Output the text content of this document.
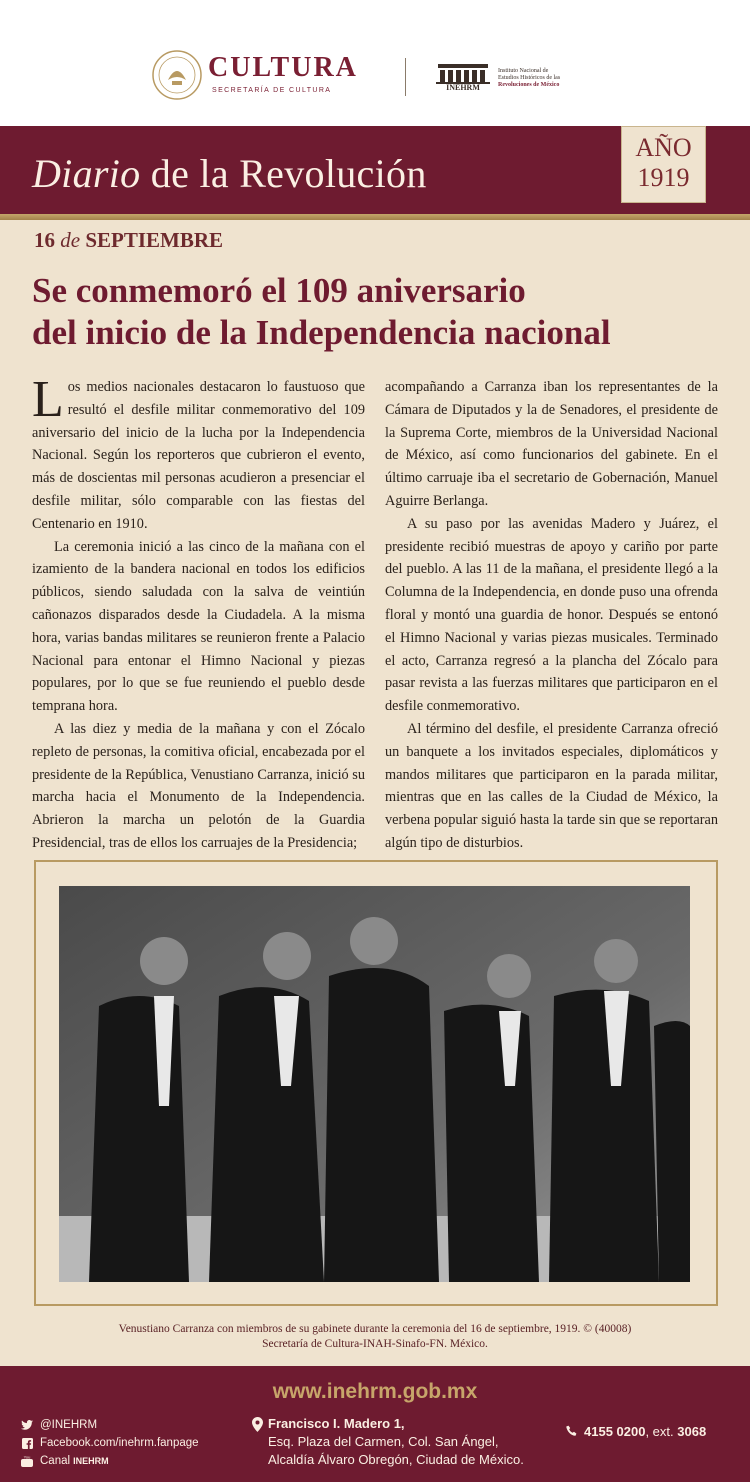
CULTURA
SECRETARÍA DE CULTURA	INEHRM
Instituto Nacional de
Estudios Históricos de las
Revoluciones de México
Diario de la Revolución
AÑO
1919
16 de SEPTIEMBRE
Se conmemoró el 109 aniversario
del inicio de la Independencia nacional

Los medios nacionales destacaron lo faustuoso que resultó el desfile militar conmemorativo del 109 aniversario del inicio de la lucha por la Independencia Nacional. Según los reporteros que cubrieron el evento, más de doscientas mil personas acudieron a presenciar el desfile militar, sólo comparable con las fiestas del Centenario en 1910.

La ceremonia inició a las cinco de la mañana con el izamiento de la bandera nacional en todos los edificios públicos, siendo saludada con la salva de veintiún cañonazos disparados desde la Ciudadela. A la misma hora, varias bandas militares se reunieron frente a Palacio Nacional para entonar el Himno Nacional y piezas populares, por lo que se fue reuniendo el pueblo desde temprana hora.

A las diez y media de la mañana y con el Zócalo repleto de personas, la comitiva oficial, encabezada por el presidente de la República, Venustiano Carranza, inició su marcha hacia el Monumento de la Independencia. Abrieron la marcha un pelotón de la Guardia Presidencial, tras de ellos los carruajes de la Presidencia;

acompañando a Carranza iban los representantes de la Cámara de Diputados y la de Senadores, el presidente de la Suprema Corte, miembros de la Universidad Nacional de México, así como funcionarios del gabinete. En el último carruaje iba el secretario de Gobernación, Manuel Aguirre Berlanga.

A su paso por las avenidas Madero y Juárez, el presidente recibió muestras de apoyo y cariño por parte del pueblo. A las 11 de la mañana, el presidente llegó a la Columna de la Independencia, en donde puso una ofrenda floral y montó una guardia de honor. Después se entonó el Himno Nacional y varias piezas musicales. Terminado el acto, Carranza regresó a la plancha del Zócalo para pasar revista a las fuerzas militares que participaron en el desfile conmemorativo.

Al término del desfile, el presidente Carranza ofreció un banquete a los invitados especiales, diplomáticos y mandos militares que participaron en la parada militar, mientras que en las calles de la Ciudad de México, la verbena popular siguió hasta la tarde sin que se reportaran algún tipo de disturbios.

Venustiano Carranza con miembros de su gabinete durante la ceremonia del 16 de septiembre, 1919. © (40008)
Secretaría de Cultura-INAH-Sinafo-FN. México.
www.inehrm.gob.mx
@INEHRM
Facebook.com/inehrm.fanpage
You Canal INEHRM
Francisco I. Madero 1,
Esq. Plaza del Carmen, Col. San Ángel,
Alcaldía Álvaro Obregón, Ciudad de México.
4155 0200, ext. 3068
